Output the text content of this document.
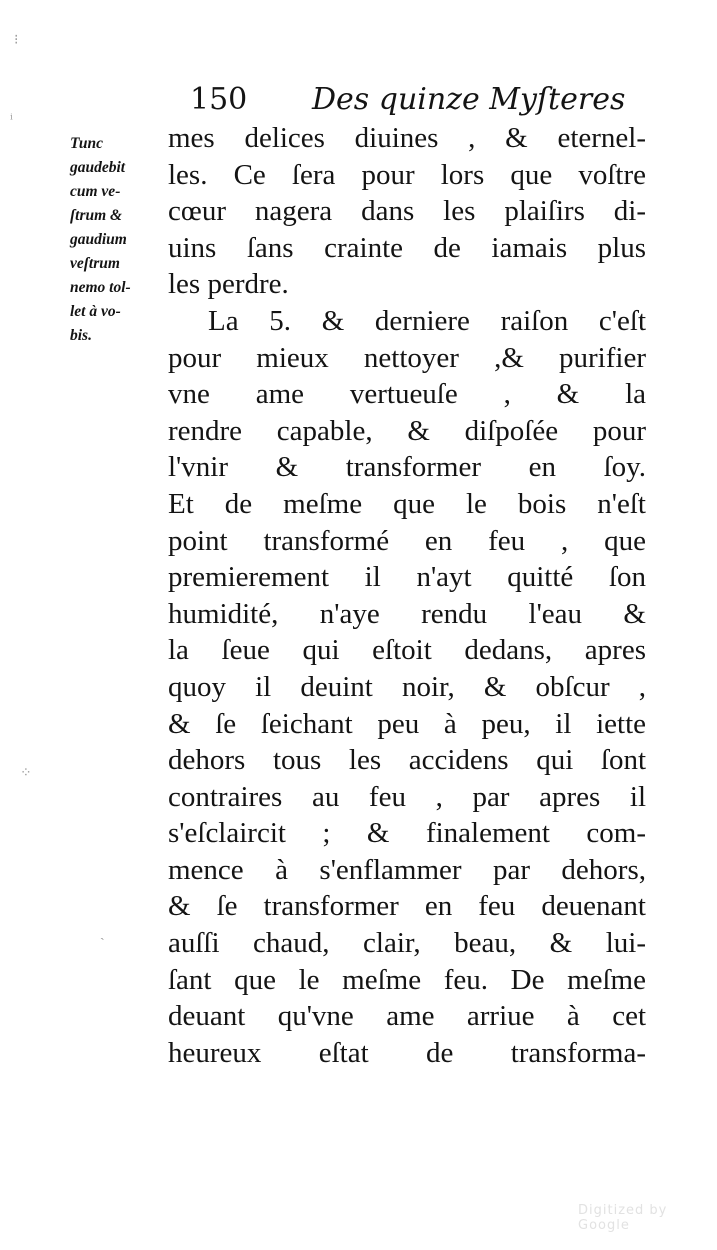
150 Des quinze Myſteres
Tunc
gaudebit
cum ve-
ſtrum &
gaudium
veſtrum
nemo tol-
let à vo-
bis.
mes delices diuines , & eternel-
les. Ce ſera pour lors que voſtre
cœur nagera dans les plaiſirs di-
uins ſans crainte de iamais plus
les perdre.
La 5. & derniere raiſon c'eſt
pour mieux nettoyer ,& purifier
vne ame vertueuſe , & la
rendre capable, & diſpoſée pour
l'vnir & transformer en ſoy.
Et de meſme que le bois n'eſt
point transformé en feu , que
premierement il n'ayt quitté ſon
humidité, n'aye rendu l'eau &
la ſeue qui eſtoit dedans, apres
quoy il deuint noir, & obſcur ,
& ſe ſeichant peu à peu, il iette
dehors tous les accidens qui ſont
contraires au feu , par apres il
s'eſclaircit ; & finalement com-
mence à s'enflammer par dehors,
& ſe transformer en feu deuenant
auſſi chaud, clair, beau, & lui-
ſant que le meſme feu. De meſme
deuant qu'vne ame arriue à cet
heureux eſtat de transforma-
⁝
ⁱ
⁘
ˏ
Digitized by Google
